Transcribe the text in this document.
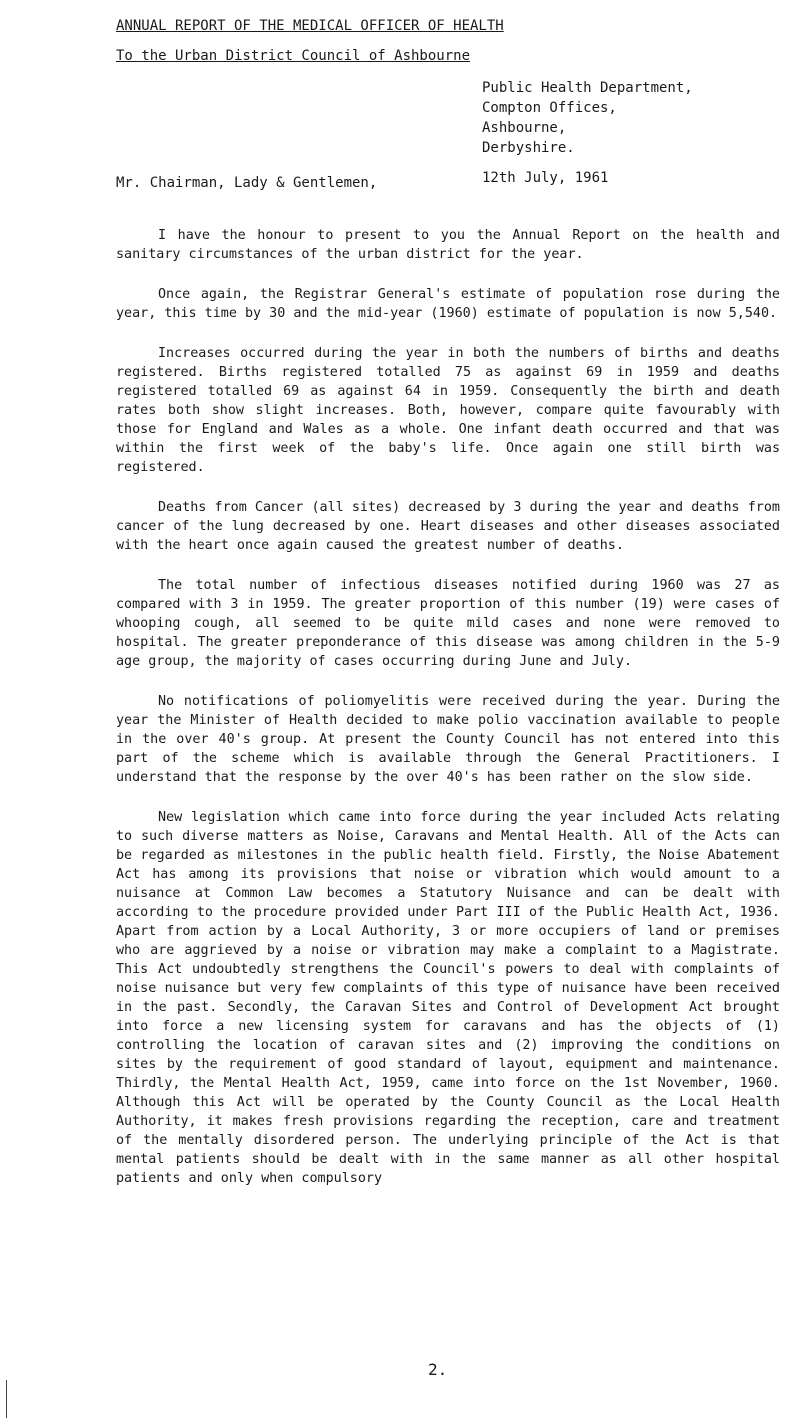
ANNUAL REPORT OF THE MEDICAL OFFICER OF HEALTH
To the Urban District Council of Ashbourne
Public Health Department,
Compton Offices,
Ashbourne,
Derbyshire.
Mr. Chairman, Lady & Gentlemen,	12th July, 1961

I have the honour to present to you the Annual Report on the health and sanitary circumstances of the urban district for the year.

Once again, the Registrar General's estimate of population rose during the year, this time by 30 and the mid-year (1960) estimate of population is now 5,540.

Increases occurred during the year in both the numbers of births and deaths registered. Births registered totalled 75 as against 69 in 1959 and deaths registered totalled 69 as against 64 in 1959. Consequently the birth and death rates both show slight increases. Both, however, compare quite favourably with those for England and Wales as a whole. One infant death occurred and that was within the first week of the baby's life. Once again one still birth was registered.

Deaths from Cancer (all sites) decreased by 3 during the year and deaths from cancer of the lung decreased by one. Heart diseases and other diseases associated with the heart once again caused the greatest number of deaths.

The total number of infectious diseases notified during 1960 was 27 as compared with 3 in 1959. The greater proportion of this number (19) were cases of whooping cough, all seemed to be quite mild cases and none were removed to hospital. The greater preponderance of this disease was among children in the 5-9 age group, the majority of cases occurring during June and July.

No notifications of poliomyelitis were received during the year. During the year the Minister of Health decided to make polio vaccination available to people in the over 40's group. At present the County Council has not entered into this part of the scheme which is available through the General Practitioners. I understand that the response by the over 40's has been rather on the slow side.

New legislation which came into force during the year included Acts relating to such diverse matters as Noise, Caravans and Mental Health. All of the Acts can be regarded as milestones in the public health field. Firstly, the Noise Abatement Act has among its provisions that noise or vibration which would amount to a nuisance at Common Law becomes a Statutory Nuisance and can be dealt with according to the procedure provided under Part III of the Public Health Act, 1936. Apart from action by a Local Authority, 3 or more occupiers of land or premises who are aggrieved by a noise or vibration may make a complaint to a Magistrate. This Act undoubtedly strengthens the Council's powers to deal with complaints of noise nuisance but very few complaints of this type of nuisance have been received in the past. Secondly, the Caravan Sites and Control of Development Act brought into force a new licensing system for caravans and has the objects of (1) controlling the location of caravan sites and (2) improving the conditions on sites by the requirement of good standard of layout, equipment and maintenance. Thirdly, the Mental Health Act, 1959, came into force on the 1st November, 1960. Although this Act will be operated by the County Council as the Local Health Authority, it makes fresh provisions regarding the reception, care and treatment of the mentally disordered person. The underlying principle of the Act is that mental patients should be dealt with in the same manner as all other hospital patients and only when compulsory

2.
